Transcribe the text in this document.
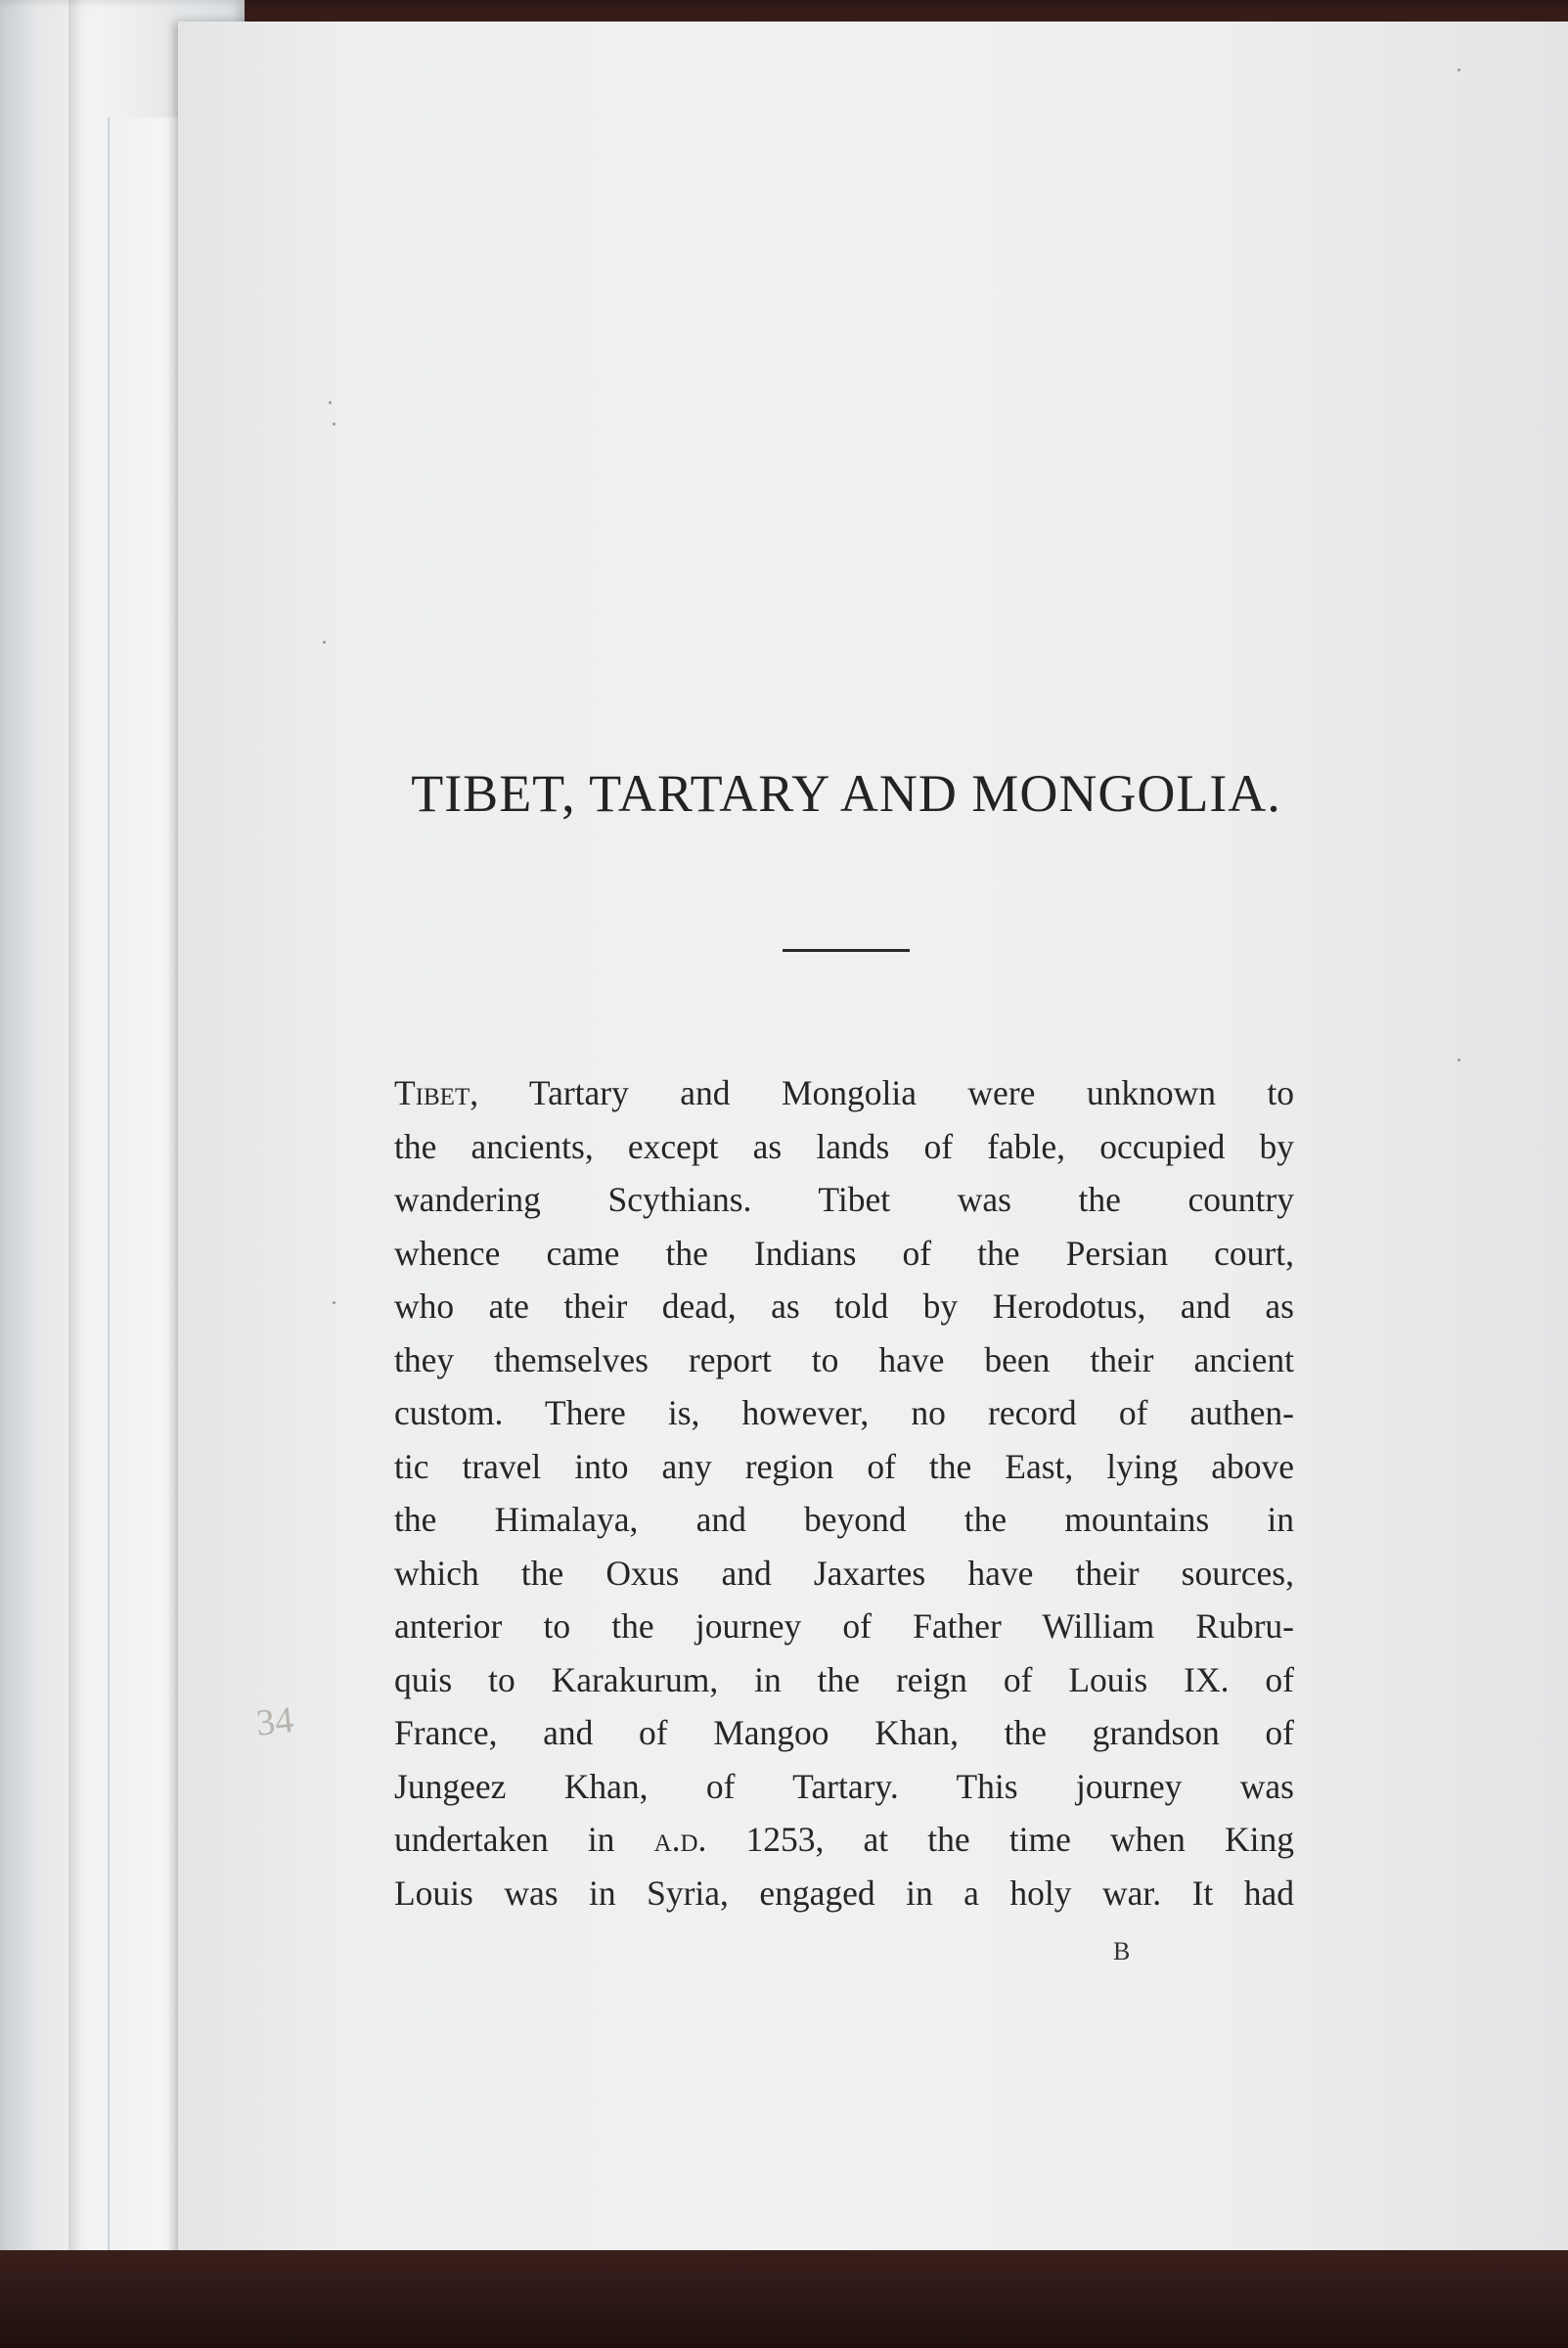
TIBET, TARTARY AND MONGOLIA.
Tibet, Tartary and Mongolia were unknown to
the ancients, except as lands of fable, occupied by
wandering Scythians. Tibet was the country
whence came the Indians of the Persian court,
who ate their dead, as told by Herodotus, and as
they themselves report to have been their ancient
custom. There is, however, no record of authen-
tic travel into any region of the East, lying above
the Himalaya, and beyond the mountains in
which the Oxus and Jaxartes have their sources,
anterior to the journey of Father William Rubru-
quis to Karakurum, in the reign of Louis IX. of
France, and of Mangoo Khan, the grandson of
Jungeez Khan, of Tartary. This journey was
undertaken in a.d. 1253, at the time when King
Louis was in Syria, engaged in a holy war. It had
B
34
